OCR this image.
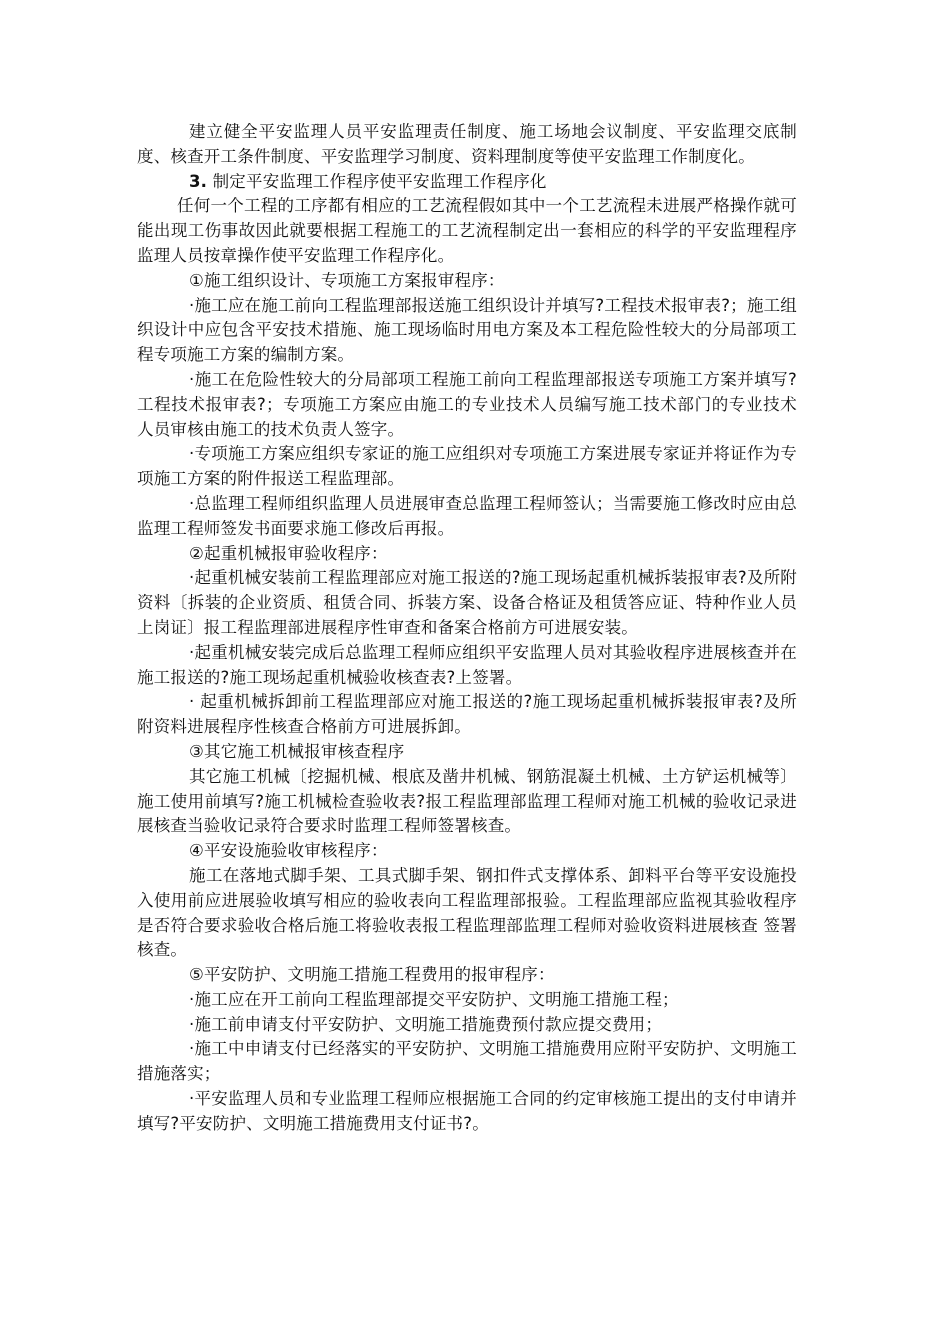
建立健全平安监理人员平安监理责任制度、施工场地会议制度、平安监理交底制度、核查开工条件制度、平安监理学习制度、资料理制度等使平安监理工作制度化。

3. 制定平安监理工作程序使平安监理工作程序化

任何一个工程的工序都有相应的工艺流程假如其中一个工艺流程未进展严格操作就可能出现工伤事故因此就要根据工程施工的工艺流程制定出一套相应的科学的平安监理程序监理人员按章操作使平安监理工作程序化。

①施工组织设计、专项施工方案报审程序：

·施工应在施工前向工程监理部报送施工组织设计并填写?工程技术报审表?；施工组织设计中应包含平安技术措施、施工现场临时用电方案及本工程危险性较大的分局部项工程专项施工方案的编制方案。

·施工在危险性较大的分局部项工程施工前向工程监理部报送专项施工方案并填写?工程技术报审表?；专项施工方案应由施工的专业技术人员编写施工技术部门的专业技术人员审核由施工的技术负责人签字。

·专项施工方案应组织专家证的施工应组织对专项施工方案进展专家证并将证作为专项施工方案的附件报送工程监理部。

·总监理工程师组织监理人员进展审查总监理工程师签认；当需要施工修改时应由总监理工程师签发书面要求施工修改后再报。

②起重机械报审验收程序：

·起重机械安装前工程监理部应对施工报送的?施工现场起重机械拆装报审表?及所附资料〔拆装的企业资质、租赁合同、拆装方案、设备合格证及租赁答应证、特种作业人员上岗证〕报工程监理部进展程序性审查和备案合格前方可进展安装。

·起重机械安装完成后总监理工程师应组织平安监理人员对其验收程序进展核查并在施工报送的?施工现场起重机械验收核查表?上签署。

· 起重机械拆卸前工程监理部应对施工报送的?施工现场起重机械拆装报审表?及所附资料进展程序性核查合格前方可进展拆卸。

③其它施工机械报审核查程序

其它施工机械〔挖掘机械、根底及凿井机械、钢筋混凝土机械、土方铲运机械等〕施工使用前填写?施工机械检查验收表?报工程监理部监理工程师对施工机械的验收记录进展核查当验收记录符合要求时监理工程师签署核查。

④平安设施验收审核程序：

施工在落地式脚手架、工具式脚手架、钢扣件式支撑体系、卸料平台等平安设施投入使用前应进展验收填写相应的验收表向工程监理部报验。工程监理部应监视其验收程序是否符合要求验收合格后施工将验收表报工程监理部监理工程师对验收资料进展核查 签署核查。

⑤平安防护、文明施工措施工程费用的报审程序：

·施工应在开工前向工程监理部提交平安防护、文明施工措施工程；

·施工前申请支付平安防护、文明施工措施费预付款应提交费用；

·施工中申请支付已经落实的平安防护、文明施工措施费用应附平安防护、文明施工措施落实；

·平安监理人员和专业监理工程师应根据施工合同的约定审核施工提出的支付申请并填写?平安防护、文明施工措施费用支付证书?。
